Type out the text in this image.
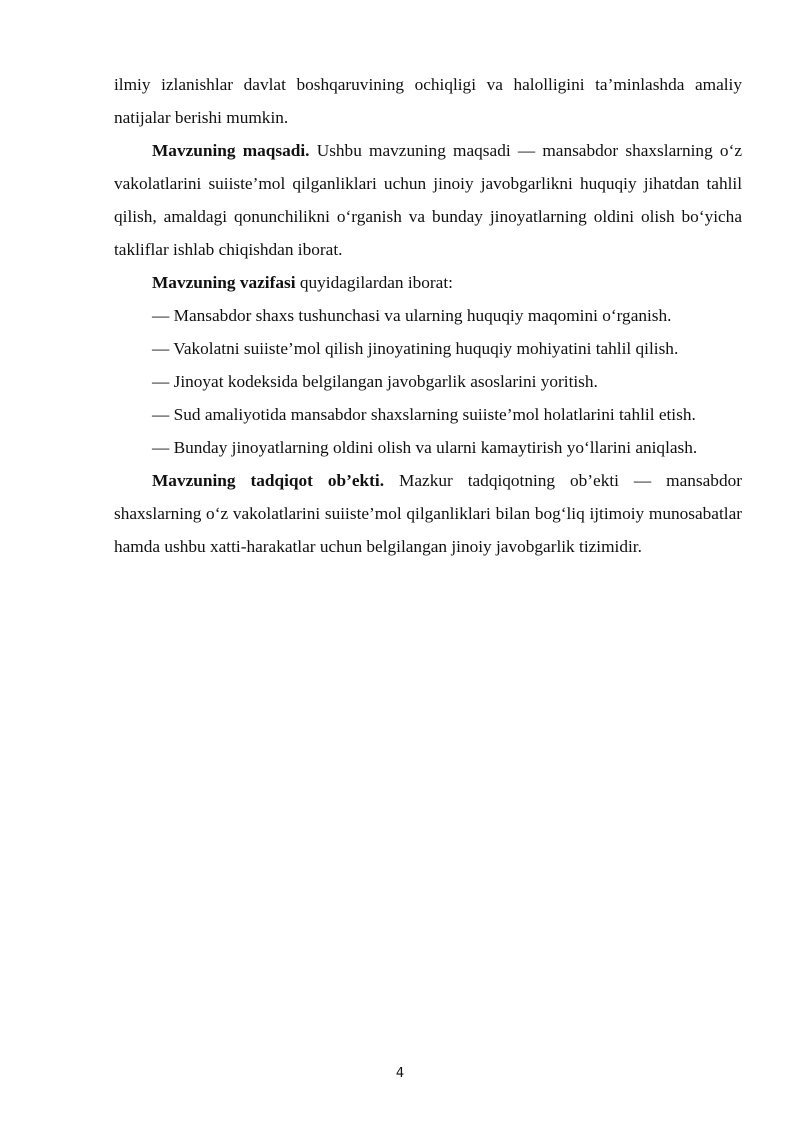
ilmiy izlanishlar davlat boshqaruvining ochiqligi va halolligini ta’minlashda amaliy natijalar berishi mumkin.

Mavzuning maqsadi. Ushbu mavzuning maqsadi — mansabdor shaxslarning o‘z vakolatlarini suiiste’mol qilganliklari uchun jinoiy javobgarlikni huquqiy jihatdan tahlil qilish, amaldagi qonunchilikni o‘rganish va bunday jinoyatlarning oldini olish bo‘yicha takliflar ishlab chiqishdan iborat.

Mavzuning vazifasi quyidagilardan iborat:

— Mansabdor shaxs tushunchasi va ularning huquqiy maqomini o‘rganish.

— Vakolatni suiiste’mol qilish jinoyatining huquqiy mohiyatini tahlil qilish.

— Jinoyat kodeksida belgilangan javobgarlik asoslarini yoritish.

— Sud amaliyotida mansabdor shaxslarning suiiste’mol holatlarini tahlil etish.

— Bunday jinoyatlarning oldini olish va ularni kamaytirish yo‘llarini aniqlash.

Mavzuning tadqiqot ob’ekti. Mazkur tadqiqotning ob’ekti — mansabdor shaxslarning o‘z vakolatlarini suiiste’mol qilganliklari bilan bog‘liq ijtimoiy munosabatlar hamda ushbu xatti-harakatlar uchun belgilangan jinoiy javobgarlik tizimidir.

4
